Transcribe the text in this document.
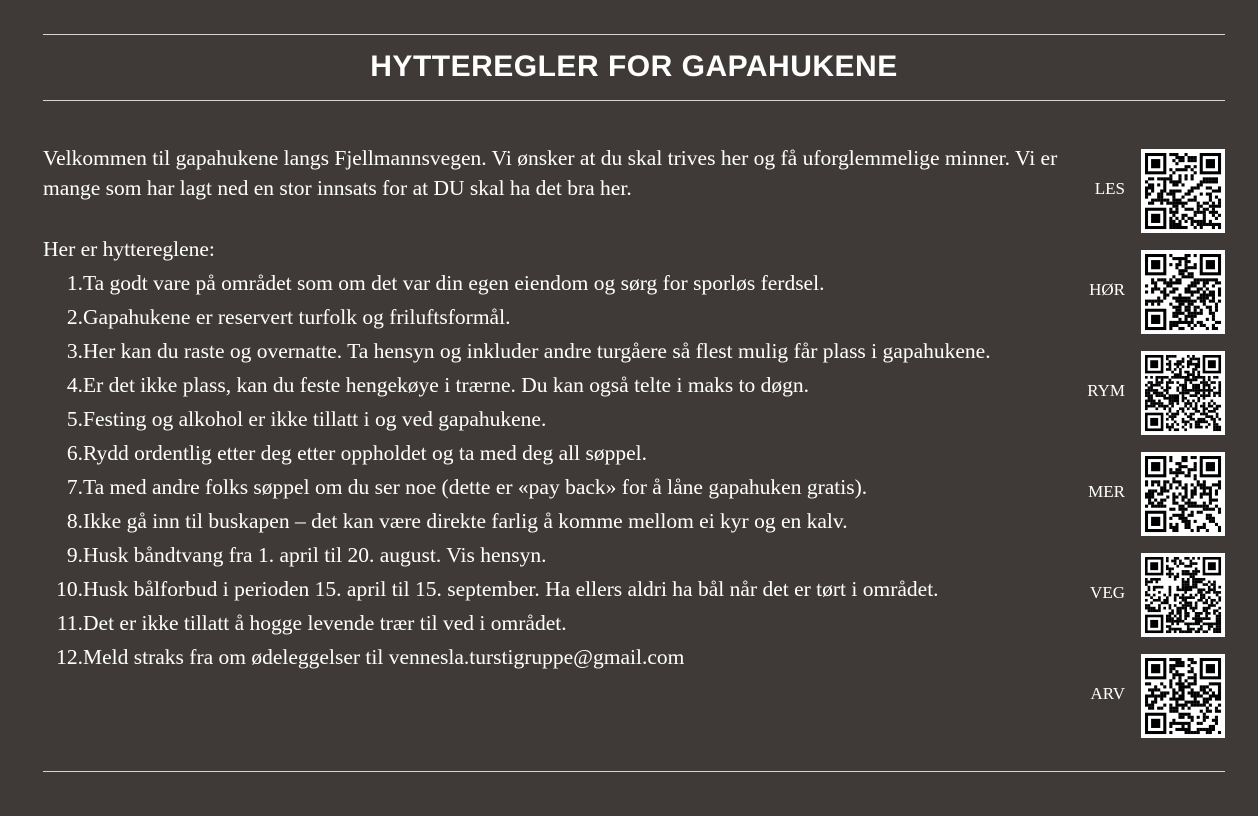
HYTTEREGLER FOR GAPAHUKENE
Velkommen til gapahukene langs Fjellmannsvegen. Vi ønsker at du skal trives her og få uforglemmelige minner. Vi er mange som har lagt ned en stor innsats for at DU skal ha det bra her.
Her er hyttereglene:
1. Ta godt vare på området som om det var din egen eiendom og sørg for sporløs ferdsel.
2. Gapahukene er reservert turfolk og friluftsformål.
3. Her kan du raste og overnatte. Ta hensyn og inkluder andre turgåere så flest mulig får plass i gapahukene.
4. Er det ikke plass, kan du feste hengekøye i trærne. Du kan også telte i maks to døgn.
5. Festing og alkohol er ikke tillatt i og ved gapahukene.
6. Rydd ordentlig etter deg etter oppholdet og ta med deg all søppel.
7. Ta med andre folks søppel om du ser noe (dette er «pay back» for å låne gapahuken gratis).
8. Ikke gå inn til buskapen – det kan være direkte farlig å komme mellom ei kyr og en kalv.
9. Husk båndtvang fra 1. april til 20. august. Vis hensyn.
10. Husk bålforbud i perioden 15. april til 15. september. Ha ellers aldri ha bål når det er tørt i området.
11. Det er ikke tillatt å hogge levende trær til ved i området.
12. Meld straks fra om ødeleggelser til vennesla.turstigruppe@gmail.com
LES
HØR
RYM
MER
VEG
ARV
